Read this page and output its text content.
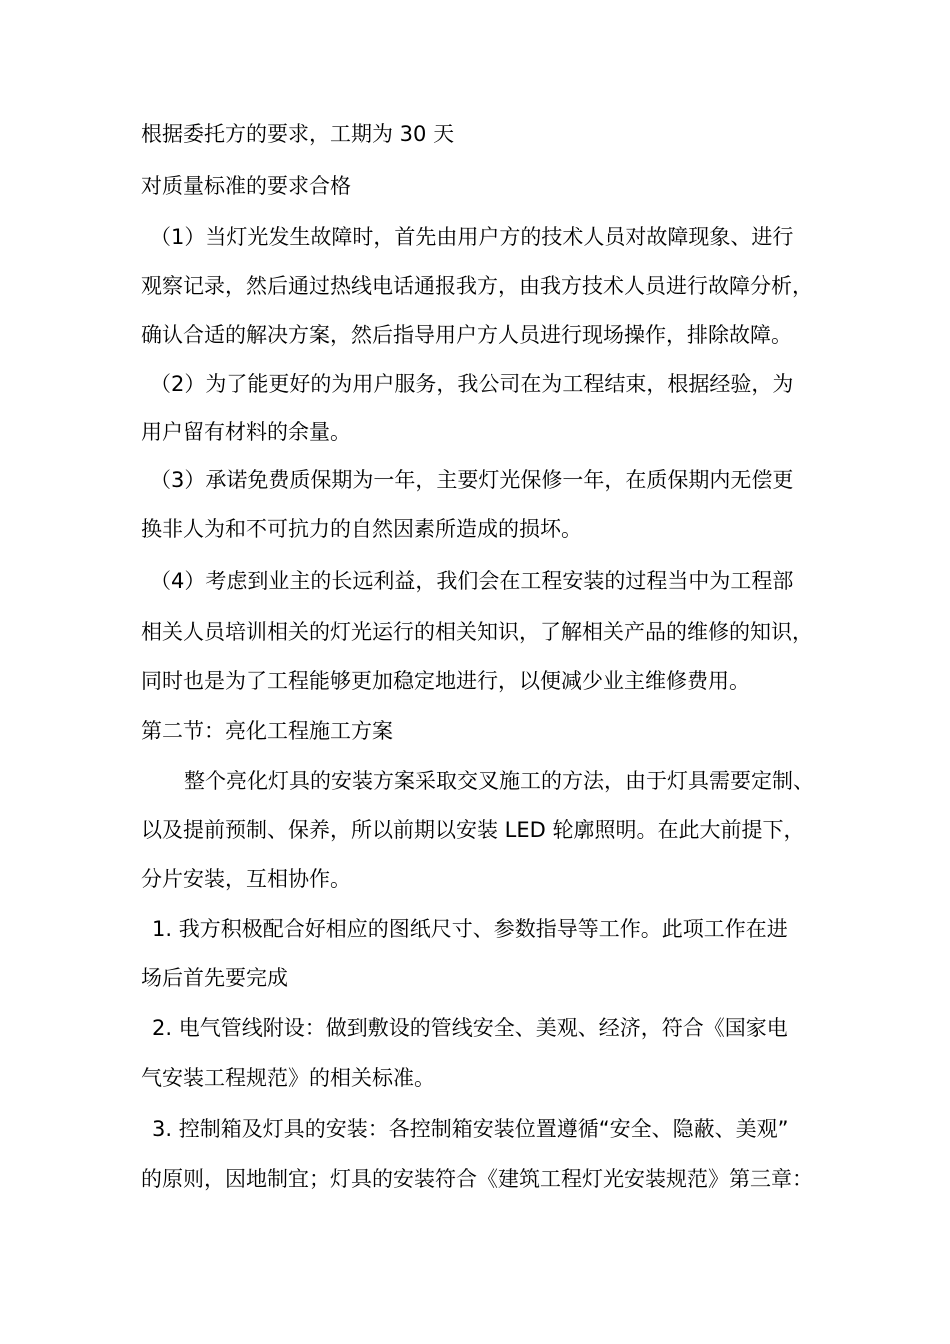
根据委托方的要求，工期为 30 天
对质量标准的要求合格
（1）当灯光发生故障时，首先由用户方的技术人员对故障现象、进行
观察记录，然后通过热线电话通报我方，由我方技术人员进行故障分析，
确认合适的解决方案，然后指导用户方人员进行现场操作，排除故障。
（2）为了能更好的为用户服务，我公司在为工程结束，根据经验，为
用户留有材料的余量。
（3）承诺免费质保期为一年，主要灯光保修一年，在质保期内无偿更
换非人为和不可抗力的自然因素所造成的损坏。
（4）考虑到业主的长远利益，我们会在工程安装的过程当中为工程部
相关人员培训相关的灯光运行的相关知识，了解相关产品的维修的知识，
同时也是为了工程能够更加稳定地进行，以便减少业主维修费用。
第二节：亮化工程施工方案
整个亮化灯具的安装方案采取交叉施工的方法，由于灯具需要定制、
以及提前预制、保养，所以前期以安装 LED 轮廓照明。在此大前提下，
分片安装，互相协作。
1. 我方积极配合好相应的图纸尺寸、参数指导等工作。此项工作在进
场后首先要完成
2. 电气管线附设：做到敷设的管线安全、美观、经济，符合《国家电
气安装工程规范》的相关标准。
3. 控制箱及灯具的安装：各控制箱安装位置遵循“安全、隐蔽、美观”
的原则，因地制宜；灯具的安装符合《建筑工程灯光安装规范》第三章：
